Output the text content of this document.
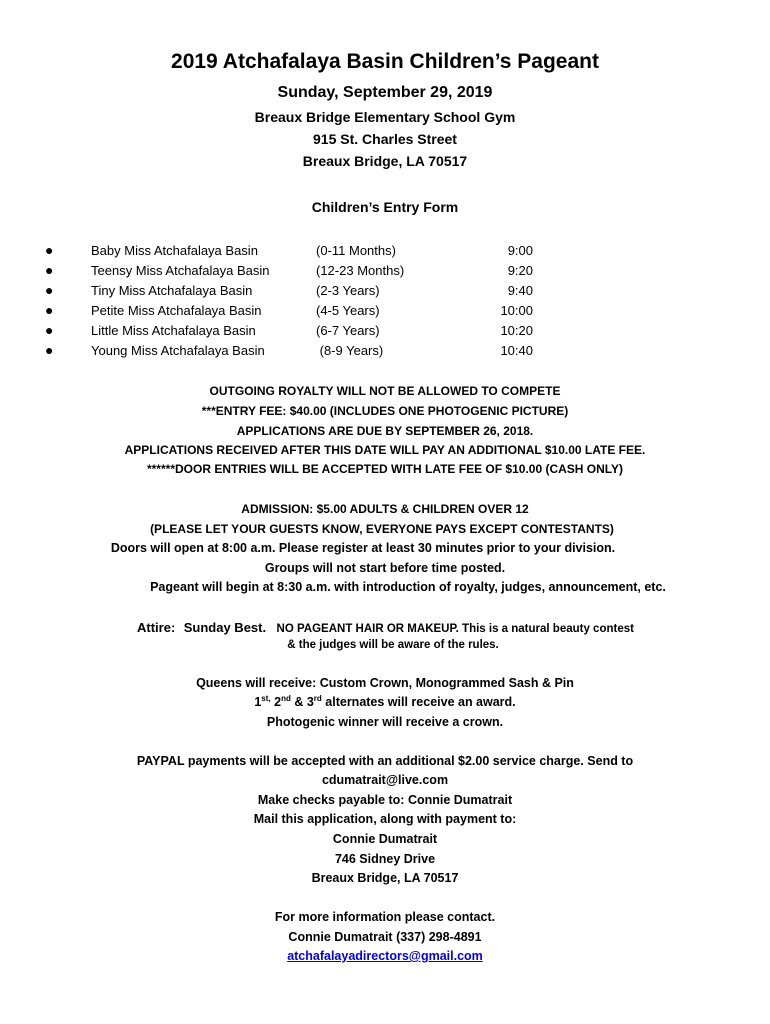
2019 Atchafalaya Basin Children’s Pageant
Sunday, September 29, 2019
Breaux Bridge Elementary School Gym
915 St. Charles Street
Breaux Bridge, LA 70517
Children’s Entry Form
●	Baby Miss Atchafalaya Basin	(0-11 Months)	9:00
●	Teensy Miss Atchafalaya Basin	(12-23 Months)	9:20
●	Tiny Miss Atchafalaya Basin	(2-3 Years)	9:40
●	Petite Miss Atchafalaya Basin	(4-5 Years)	10:00
●	Little Miss Atchafalaya Basin	(6-7 Years)	10:20
●	Young Miss Atchafalaya Basin	(8-9 Years)	10:40
OUTGOING ROYALTY WILL NOT BE ALLOWED TO COMPETE
***ENTRY FEE: $40.00 (INCLUDES ONE PHOTOGENIC PICTURE)
APPLICATIONS ARE DUE BY SEPTEMBER 26, 2018.
APPLICATIONS RECEIVED AFTER THIS DATE WILL PAY AN ADDITIONAL $10.00 LATE FEE.
******DOOR ENTRIES WILL BE ACCEPTED WITH LATE FEE OF $10.00 (CASH ONLY)
ADMISSION: $5.00 ADULTS & CHILDREN OVER 12
(PLEASE LET YOUR GUESTS KNOW, EVERYONE PAYS EXCEPT CONTESTANTS)
Doors will open at 8:00 a.m. Please register at least 30 minutes prior to your division.
Groups will not start before time posted.
Pageant will begin at 8:30 a.m. with introduction of royalty, judges, announcement, etc.
Attire: Sunday Best. NO PAGEANT HAIR OR MAKEUP. This is a natural beauty contest
& the judges will be aware of the rules.
Queens will receive: Custom Crown, Monogrammed Sash & Pin
$1^{st,}$ 2nd & 3rd alternates will receive an award.
Photogenic winner will receive a crown.
PAYPAL payments will be accepted with an additional $2.00 service charge. Send to
cdumatrait@live.com
Make checks payable to: Connie Dumatrait
Mail this application, along with payment to:
Connie Dumatrait
746 Sidney Drive
Breaux Bridge, LA 70517
For more information please contact.
Connie Dumatrait (337) 298-4891
atchafalayadirectors@gmail.com
